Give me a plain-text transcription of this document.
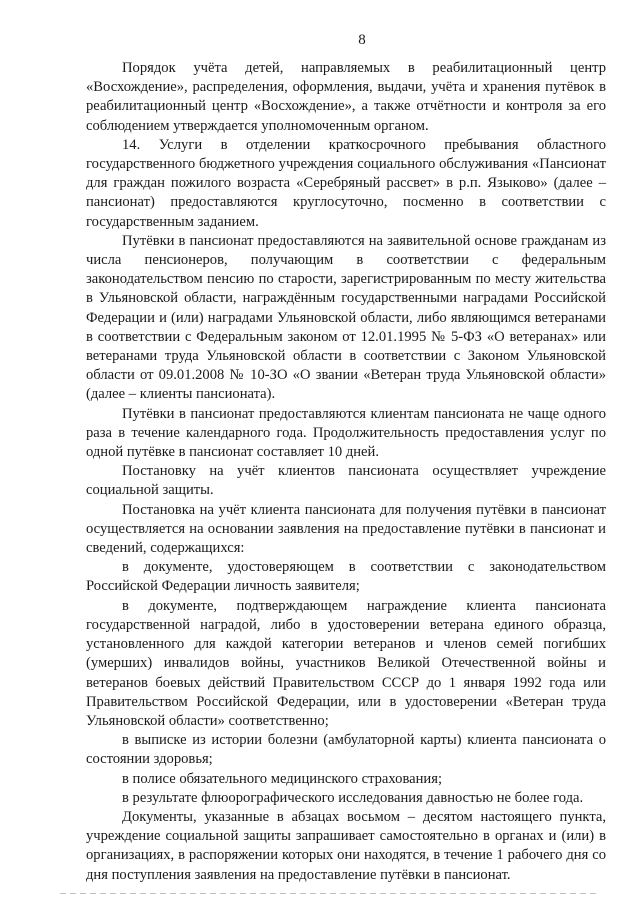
8

Порядок учёта детей, направляемых в реабилитационный центр «Восхождение», распределения, оформления, выдачи, учёта и хранения путёвок в реабилитационный центр «Восхождение», а также отчётности и контроля за его соблюдением утверждается уполномоченным органом.

14. Услуги в отделении краткосрочного пребывания областного государственного бюджетного учреждения социального обслуживания «Пансионат для граждан пожилого возраста «Серебряный рассвет» в р.п. Языково» (далее – пансионат) предоставляются круглосуточно, посменно в соответствии с государственным заданием.

Путёвки в пансионат предоставляются на заявительной основе гражданам из числа пенсионеров, получающим в соответствии с федеральным законодательством пенсию по старости, зарегистрированным по месту жительства в Ульяновской области, награждённым государственными наградами Российской Федерации и (или) наградами Ульяновской области, либо являющимся ветеранами в соответствии с Федеральным законом от 12.01.1995 № 5-ФЗ «О ветеранах» или ветеранами труда Ульяновской области в соответствии с Законом Ульяновской области от 09.01.2008 № 10-ЗО «О звании «Ветеран труда Ульяновской области» (далее – клиенты пансионата).

Путёвки в пансионат предоставляются клиентам пансионата не чаще одного раза в течение календарного года. Продолжительность предоставления услуг по одной путёвке в пансионат составляет 10 дней.

Постановку на учёт клиентов пансионата осуществляет учреждение социальной защиты.

Постановка на учёт клиента пансионата для получения путёвки в пансионат осуществляется на основании заявления на предоставление путёвки в пансионат и сведений, содержащихся:

в документе, удостоверяющем в соответствии с законодательством Российской Федерации личность заявителя;

в документе, подтверждающем награждение клиента пансионата государственной наградой, либо в удостоверении ветерана единого образца, установленного для каждой категории ветеранов и членов семей погибших (умерших) инвалидов войны, участников Великой Отечественной войны и ветеранов боевых действий Правительством СССР до 1 января 1992 года или Правительством Российской Федерации, или в удостоверении «Ветеран труда Ульяновской области» соответственно;

в выписке из истории болезни (амбулаторной карты) клиента пансионата о состоянии здоровья;

в полисе обязательного медицинского страхования;

в результате флюорографического исследования давностью не более года.

Документы, указанные в абзацах восьмом – десятом настоящего пункта, учреждение социальной защиты запрашивает самостоятельно в органах и (или) в организациях, в распоряжении которых они находятся, в течение 1 рабочего дня со дня поступления заявления на предоставление путёвки в пансионат.
